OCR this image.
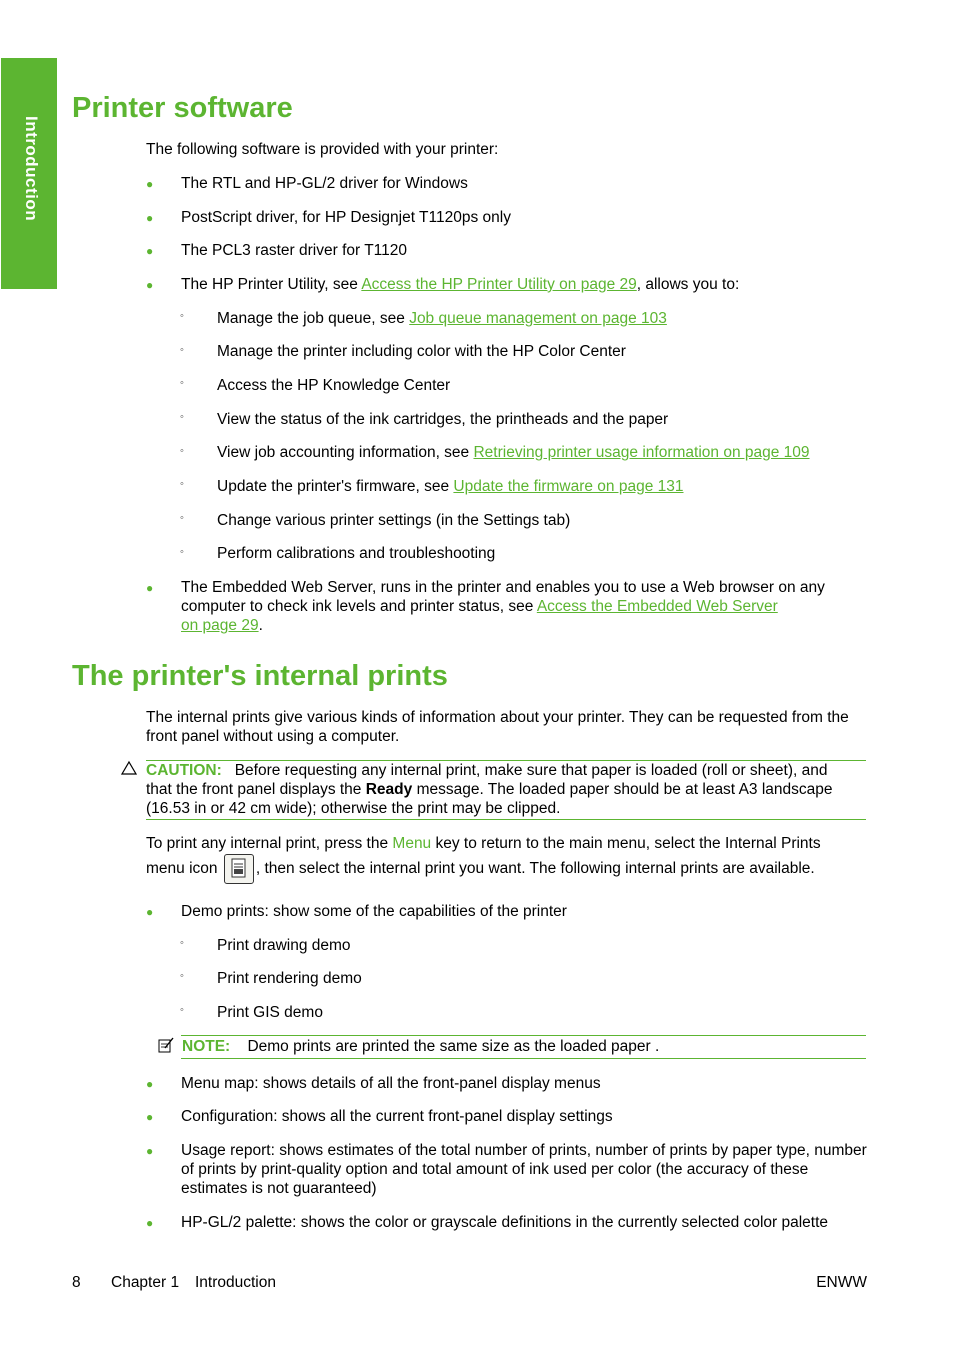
Introduction
Printer software

The following software is provided with your printer:

●

The RTL and HP-GL/2 driver for Windows

●

PostScript driver, for HP Designjet T1120ps only

●

The PCL3 raster driver for T1120

●

The HP Printer Utility, see Access the HP Printer Utility on page 29, allows you to:

◦

Manage the job queue, see Job queue management on page 103

◦

Manage the printer including color with the HP Color Center

◦

Access the HP Knowledge Center

◦

View the status of the ink cartridges, the printheads and the paper

◦

View job accounting information, see Retrieving printer usage information on page 109

◦

Update the printer's firmware, see Update the firmware on page 131

◦

Change various printer settings (in the Settings tab)

◦

Perform calibrations and troubleshooting

●

The Embedded Web Server, runs in the printer and enables you to use a Web browser on any

computer to check ink levels and printer status, see Access the Embedded Web Server

on page 29.

The printer's internal prints

The internal prints give various kinds of information about your printer. They can be requested from the

front panel without using a computer.

CAUTION: Before requesting any internal print, make sure that paper is loaded (roll or sheet), and
that the front panel displays the Ready message. The loaded paper should be at least A3 landscape
(16.53 in or 42 cm wide); otherwise the print may be clipped.

To print any internal print, press the Menu key to return to the main menu, select the Internal Prints

menu icon
, then select the internal print you want. The following internal prints are available.

●

Demo prints: show some of the capabilities of the printer

◦

Print drawing demo

◦

Print rendering demo

◦

Print GIS demo

NOTE: Demo prints are printed the same size as the loaded paper .
●

Menu map: shows details of all the front-panel display menus

●

Configuration: shows all the current front-panel display settings

●

Usage report: shows estimates of the total number of prints, number of prints by paper type, number

of prints by print-quality option and total amount of ink used per color (the accuracy of these

estimates is not guaranteed)

●

HP-GL/2 palette: shows the color or grayscale definitions in the currently selected color palette

8 Chapter 1 Introduction	ENWW
